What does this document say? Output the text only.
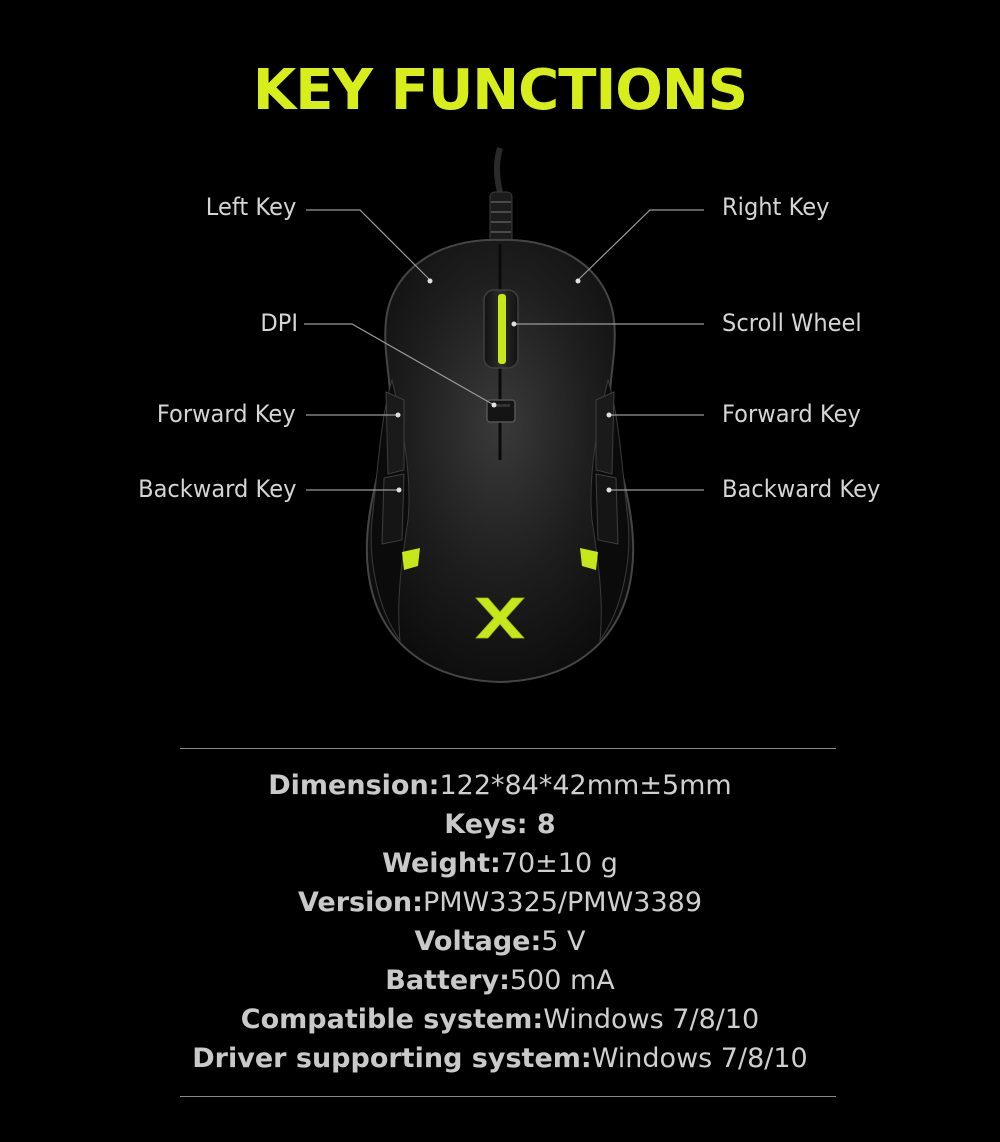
KEY FUNCTIONS
Left Key	Right Key
DPI	Scroll Wheel
Forward Key	Forward Key
Backward Key	Backward Key
Dimension:122*84*42mm±5mm
Keys: 8
Weight:70±10 g
Version:PMW3325/PMW3389
Voltage:5 V
Battery:500 mA
Compatible system:Windows 7/8/10
Driver supporting system:Windows 7/8/10
